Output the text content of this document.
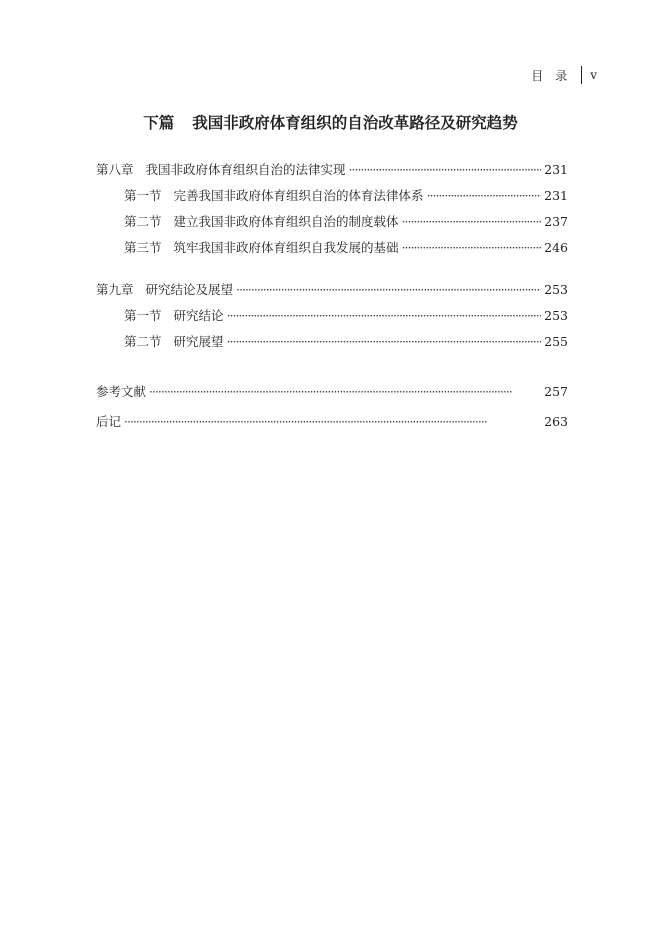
目录 v
下篇 我国非政府体育组织的自治改革路径及研究趋势
第八章 我国非政府体育组织自治的法律实现 ·····	231
第一节 完善我国非政府体育组织自治的体育法律体系 ·····	231
第二节 建立我国非政府体育组织自治的制度载体 ·····	237
第三节 筑牢我国非政府体育组织自我发展的基础 ·····	246
第九章 研究结论及展望 ·····	253
第一节 研究结论 ·····	253
第二节 研究展望 ·····	255
参考文献 ·····	257
后记 ·····	263
